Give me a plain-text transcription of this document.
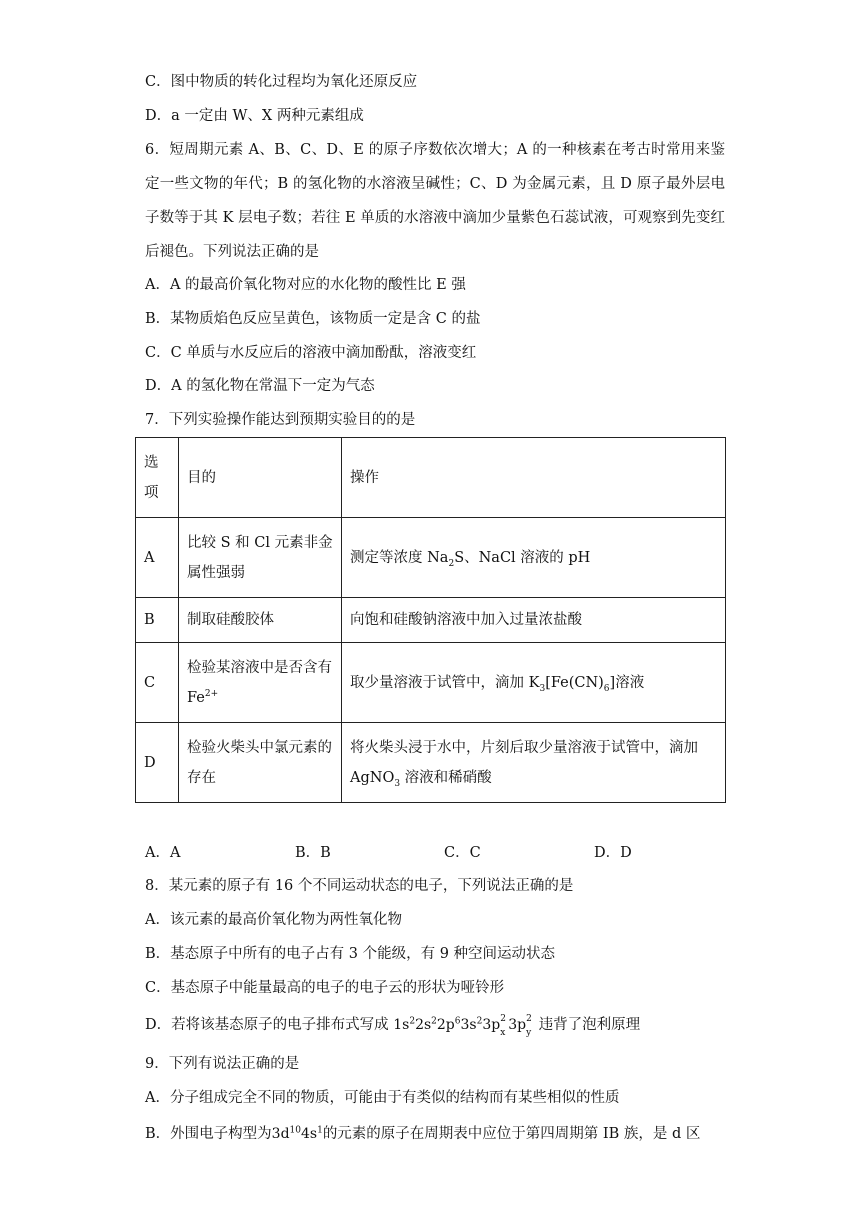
C．图中物质的转化过程均为氧化还原反应
D．a 一定由 W、X 两种元素组成
6．短周期元素 A、B、C、D、E 的原子序数依次增大；A 的一种核素在考古时常用来鉴定一些文物的年代；B 的氢化物的水溶液呈碱性；C、D 为金属元素，且 D 原子最外层电子数等于其 K 层电子数；若往 E 单质的水溶液中滴加少量紫色石蕊试液，可观察到先变红后褪色。下列说法正确的是
A．A 的最高价氧化物对应的水化物的酸性比 E 强
B．某物质焰色反应呈黄色，该物质一定是含 C 的盐
C．C 单质与水反应后的溶液中滴加酚酞，溶液变红
D．A 的氢化物在常温下一定为气态
7．下列实验操作能达到预期实验目的的是
选项	目的	操作
A	比较 S 和 Cl 元素非金属性强弱	测定等浓度 $Na_2S$、NaCl 溶液的 pH
B	制取硅酸胶体	向饱和硅酸钠溶液中加入过量浓盐酸
C	检验某溶液中是否含有 $Fe^{2+}$	取少量溶液于试管中，滴加 $K_3[Fe(CN)_6]$溶液
D	检验火柴头中氯元素的存在	将火柴头浸于水中，片刻后取少量溶液于试管中，滴加 AgNO$_3$ 溶液和稀硝酸
A．A	B．B	C．C	D．D
8．某元素的原子有 16 个不同运动状态的电子，下列说法正确的是
A．该元素的最高价氧化物为两性氧化物
B．基态原子中所有的电子占有 3 个能级，有 9 种空间运动状态
C．基态原子中能量最高的电子的电子云的形状为哑铃形
D．若将该基态原子的电子排布式写成 $1s^22s^22p^63s^23p$ 2
x 3p 2
y 违背了泡利原理
9．下列有说法正确的是
A．分子组成完全不同的物质，可能由于有类似的结构而有某些相似的性质
B．外围电子构型为$3d^{10}4s^1$的元素的原子在周期表中应位于第四周期第 IB 族，是 d 区
